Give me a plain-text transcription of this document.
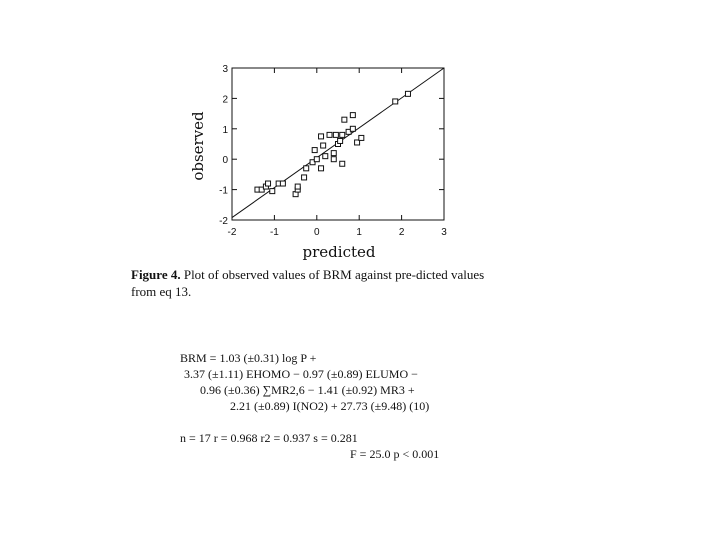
-2	-1	0	1	2	3
-2
-1
0
1
2
3
predicted
observed
Figure 4. Plot of observed values of BRM against pre-dicted values from eq 13.
BRM = 1.03 (±0.31) log P +
3.37 (±1.11) EHOMO − 0.97 (±0.89) ELUMO −
0.96 (±0.36) ∑MR2,6 − 1.41 (±0.92) MR3 +
2.21 (±0.89) I(NO2) + 27.73 (±9.48) (10)
n = 17 r = 0.968 r2 = 0.937 s = 0.281
F = 25.0 p < 0.001
